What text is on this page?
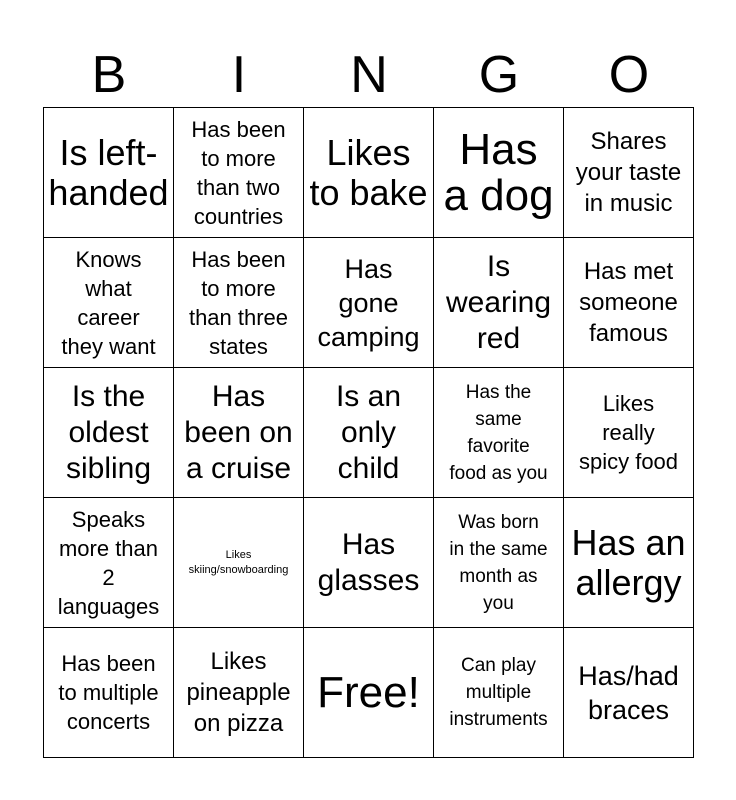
B	I	N	G	O
Is left-
handed
Has been
to more
than two
countries
Likes
to bake
Has
a dog
Shares
your taste
in music
Knows
what
career
they want
Has been
to more
than three
states
Has
gone
camping
Is
wearing
red
Has met
someone
famous
Is the
oldest
sibling
Has
been on
a cruise
Is an
only
child
Has the
same
favorite
food as you
Likes
really
spicy food
Speaks
more than
2
languages
Likes
skiing/snowboarding
Has
glasses
Was born
in the same
month as
you
Has an
allergy
Has been
to multiple
concerts
Likes
pineapple
on pizza
Free!
Can play
multiple
instruments
Has/had
braces
